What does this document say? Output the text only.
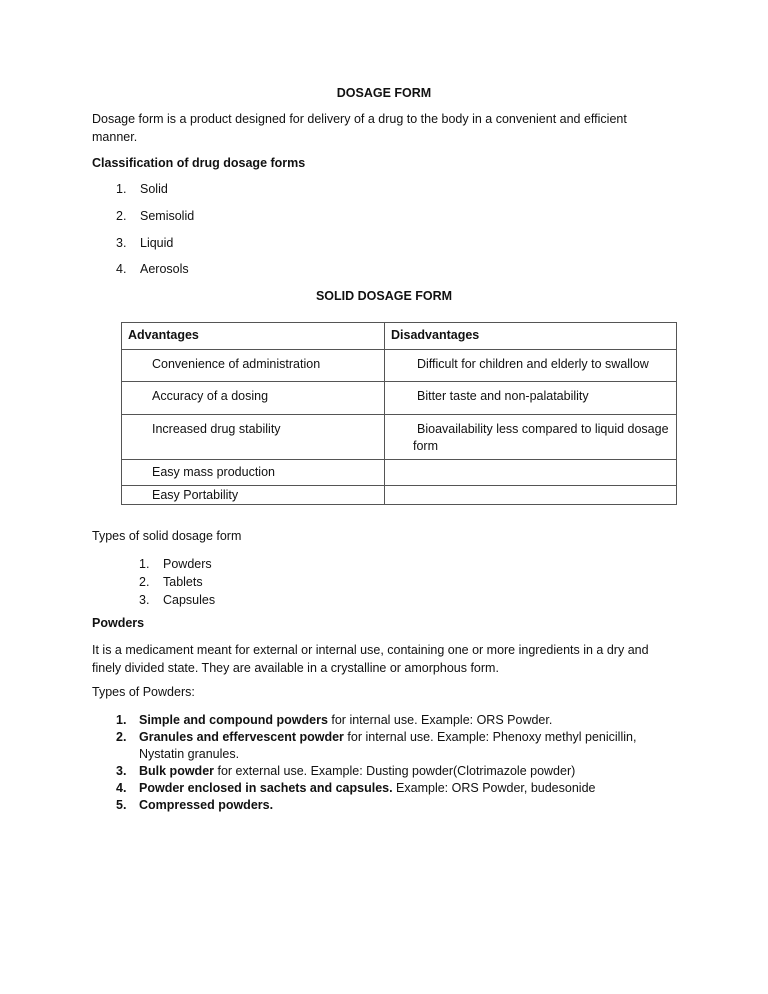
DOSAGE FORM

Dosage form is a product designed for delivery of a drug to the body in a convenient and efficient manner.

Classification of drug dosage forms
1. Solid
2. Semisolid
3. Liquid
4. Aerosols
SOLID DOSAGE FORM
Advantages	Disadvantages

Convenience of administration	Difficult for children and elderly to swallow

Accuracy of a dosing	Bitter taste and non-palatability

Increased drug stability	Bioavailability less compared to liquid dosage form

Easy mass production	

Easy Portability	

Types of solid dosage form
1. Powders
2. Tablets
3. Capsules
Powders

It is a medicament meant for external or internal use, containing one or more ingredients in a dry and finely divided state. They are available in a crystalline or amorphous form.

Types of Powders:
1. Simple and compound powders for internal use. Example: ORS Powder.
2. Granules and effervescent powder for internal use. Example: Phenoxy methyl penicillin, Nystatin granules.
3. Bulk powder for external use. Example: Dusting powder(Clotrimazole powder)
4. Powder enclosed in sachets and capsules. Example: ORS Powder, budesonide
5. Compressed powders.
